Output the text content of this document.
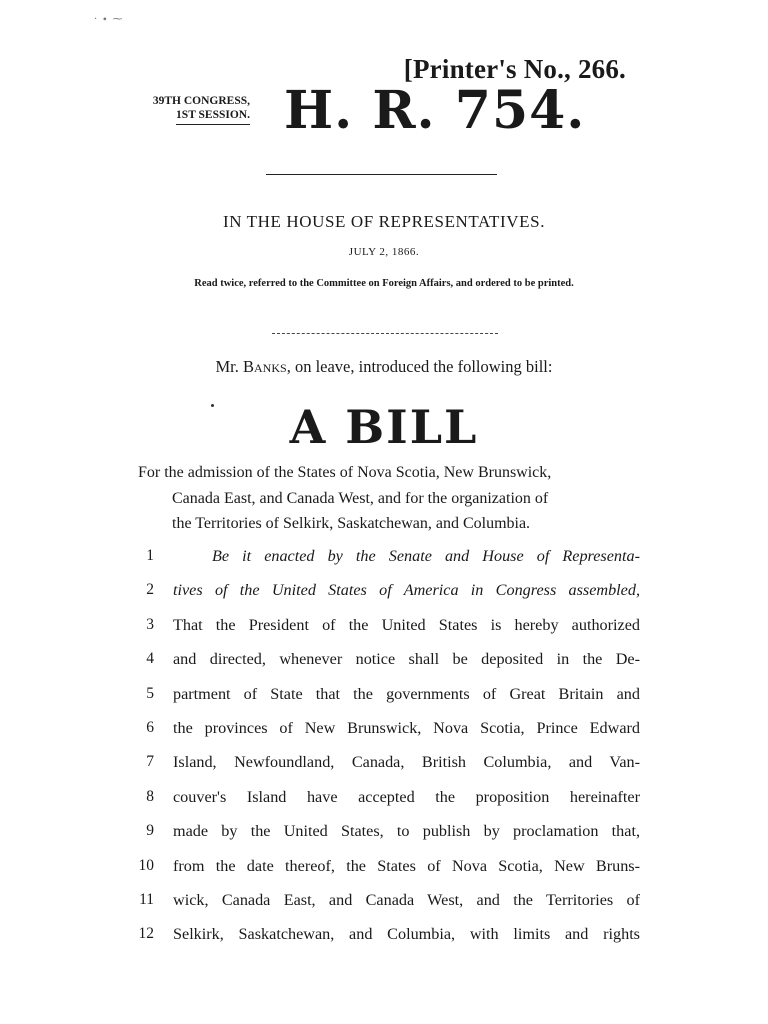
· ∙ ⁓
[Printer's No., 266.
39TH CONGRESS,
1ST SESSION. H. R. 754.
IN THE HOUSE OF REPRESENTATIVES.
JULY 2, 1866.
Read twice, referred to the Committee on Foreign Affairs, and ordered to be printed.
Mr. Banks, on leave, introduced the following bill:
A BILL
For the admission of the States of Nova Scotia, New Brunswick,
Canada East, and Canada West, and for the organization of
the Territories of Selkirk, Saskatchewan, and Columbia.
1	Be it enacted by the Senate and House of Representa-
2 tives of the United States of America in Congress assembled,
3 That the President of the United States is hereby authorized
4 and directed, whenever notice shall be deposited in the De-
5 partment of State that the governments of Great Britain and
6 the provinces of New Brunswick, Nova Scotia, Prince Edward
7 Island, Newfoundland, Canada, British Columbia, and Van-
8 couver's Island have accepted the proposition hereinafter
9 made by the United States, to publish by proclamation that,
10 from the date thereof, the States of Nova Scotia, New Bruns-
11 wick, Canada East, and Canada West, and the Territories of
12 Selkirk, Saskatchewan, and Columbia, with limits and rights
